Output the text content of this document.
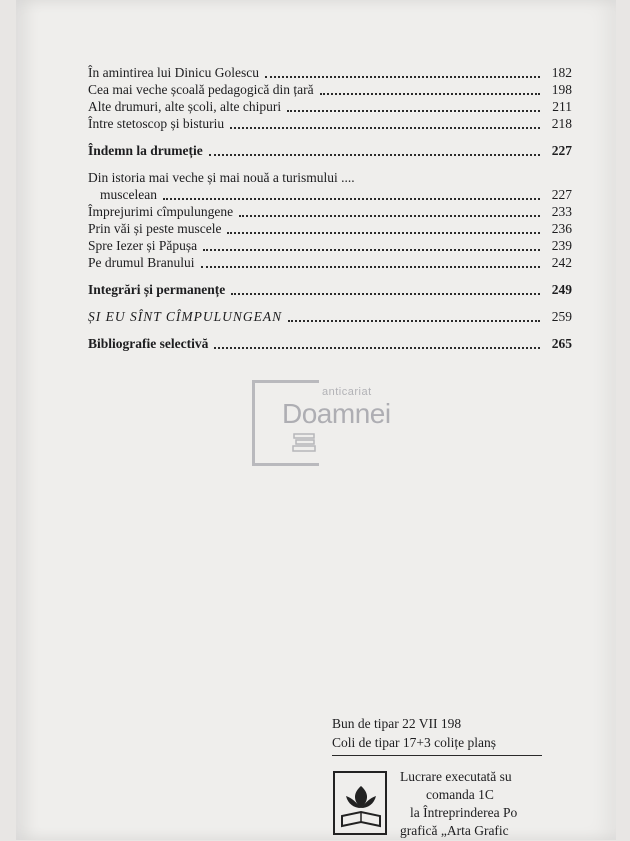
În amintirea lui Dinicu Golescu	182
Cea mai veche școală pedagogică din țară	198
Alte drumuri, alte școli, alte chipuri	211
Între stetoscop și bisturiu	218
Îndemn la drumeție	227
Din istoria mai veche și mai nouă a turismului ....
muscelean	227
Împrejurimi cîmpulungene	233
Prin văi și peste muscele	236
Spre Iezer și Păpușa	239
Pe drumul Branului	242
Integrări și permanențe	249
ȘI EU SÎNT CÎMPULUNGEAN	259
Bibliografie selectivă	265
anticariat
Doamnei
Bun de tipar 22 VII 198
Coli de tipar 17+3 colițe planș
Lucrare executată su
comanda 1C
la Întreprinderea Po
grafică „Arta Grafic
